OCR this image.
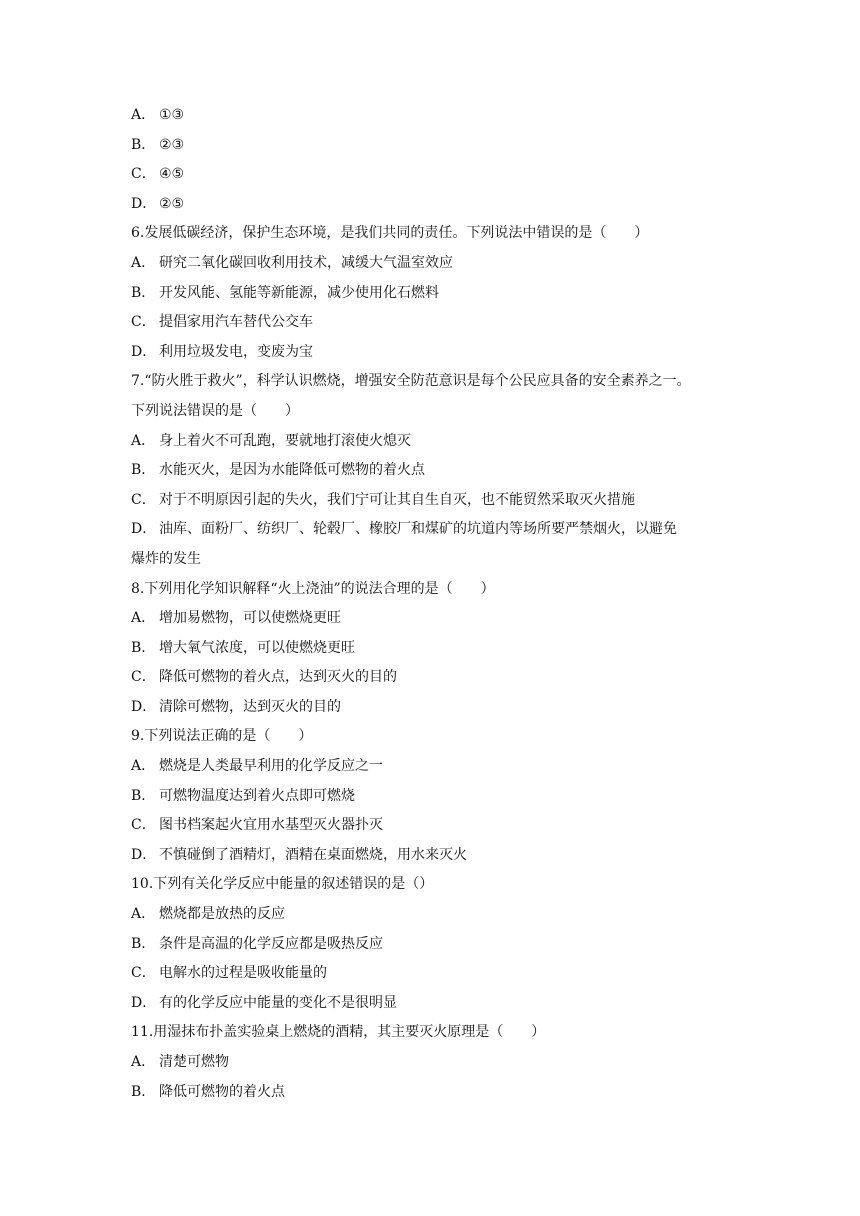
A． ①③
B． ②③
C． ④⑤
D． ②⑤
6.发展低碳经济，保护生态环境，是我们共同的责任。下列说法中错误的是（　　）
A． 研究二氧化碳回收利用技术，减缓大气温室效应
B． 开发风能、氢能等新能源，减少使用化石燃料
C． 提倡家用汽车替代公交车
D． 利用垃圾发电，变废为宝
7.“防火胜于救火”，科学认识燃烧，增强安全防范意识是每个公民应具备的安全素养之一。
下列说法错误的是（　　）
A． 身上着火不可乱跑，要就地打滚使火熄灭
B． 水能灭火，是因为水能降低可燃物的着火点
C． 对于不明原因引起的失火，我们宁可让其自生自灭，也不能贸然采取灭火措施
D． 油库、面粉厂、纺织厂、轮毂厂、橡胶厂和煤矿的坑道内等场所要严禁烟火，以避免
爆炸的发生
8.下列用化学知识解释“火上浇油”的说法合理的是（　　）
A． 增加易燃物，可以使燃烧更旺
B． 增大氧气浓度，可以使燃烧更旺
C． 降低可燃物的着火点，达到灭火的目的
D． 清除可燃物，达到灭火的目的
9.下列说法正确的是（　　）
A． 燃烧是人类最早利用的化学反应之一
B． 可燃物温度达到着火点即可燃烧
C． 图书档案起火宜用水基型灭火器扑灭
D． 不慎碰倒了酒精灯，酒精在桌面燃烧，用水来灭火
10.下列有关化学反应中能量的叙述错误的是（）
A． 燃烧都是放热的反应
B． 条件是高温的化学反应都是吸热反应
C． 电解水的过程是吸收能量的
D． 有的化学反应中能量的变化不是很明显
11.用湿抹布扑盖实验桌上燃烧的酒精，其主要灭火原理是（　　）
A． 清楚可燃物
B． 降低可燃物的着火点
